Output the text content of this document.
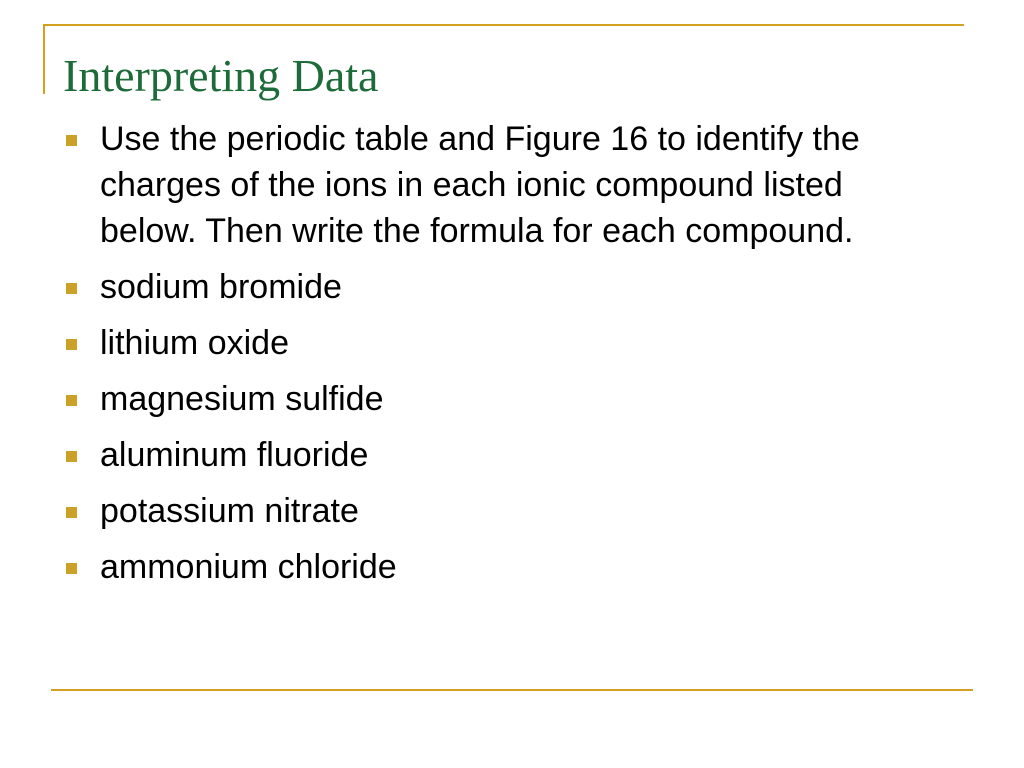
Interpreting Data
Use the periodic table and Figure 16 to identify the charges of the ions in each ionic compound listed below. Then write the formula for each compound.
sodium bromide
lithium oxide
magnesium sulfide
aluminum fluoride
potassium nitrate
ammonium chloride
